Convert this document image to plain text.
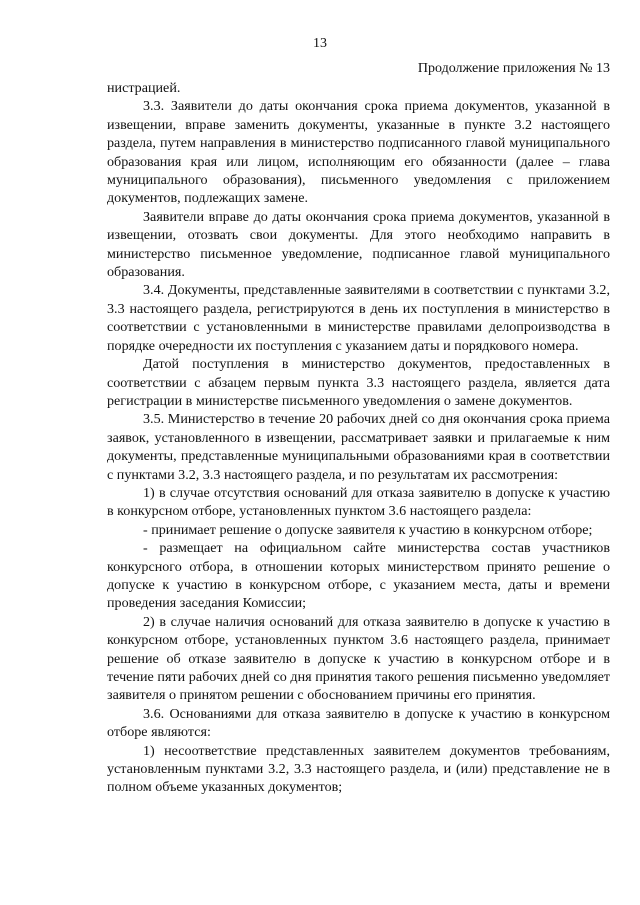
13
Продолжение приложения № 13

нистрацией.

3.3. Заявители до даты окончания срока приема документов, указанной в извещении, вправе заменить документы, указанные в пункте 3.2 настоящего раздела, путем направления в министерство подписанного главой муниципального образования края или лицом, исполняющим его обязанности (далее – глава муниципального образования), письменного уведомления с приложением документов, подлежащих замене.

Заявители вправе до даты окончания срока приема документов, указанной в извещении, отозвать свои документы. Для этого необходимо направить в министерство письменное уведомление, подписанное главой муниципального образования.

3.4. Документы, представленные заявителями в соответствии с пунктами 3.2, 3.3 настоящего раздела, регистрируются в день их поступления в министерство в соответствии с установленными в министерстве правилами делопроизводства в порядке очередности их поступления с указанием даты и порядкового номера.

Датой поступления в министерство документов, предоставленных в соответствии с абзацем первым пункта 3.3 настоящего раздела, является дата регистрации в министерстве письменного уведомления о замене документов.

3.5. Министерство в течение 20 рабочих дней со дня окончания срока приема заявок, установленного в извещении, рассматривает заявки и прилагаемые к ним документы, представленные муниципальными образованиями края в соответствии с пунктами 3.2, 3.3 настоящего раздела, и по результатам их рассмотрения:

1) в случае отсутствия оснований для отказа заявителю в допуске к участию в конкурсном отборе, установленных пунктом 3.6 настоящего раздела:

- принимает решение о допуске заявителя к участию в конкурсном отборе;

- размещает на официальном сайте министерства состав участников конкурсного отбора, в отношении которых министерством принято решение о допуске к участию в конкурсном отборе, с указанием места, даты и времени проведения заседания Комиссии;

2) в случае наличия оснований для отказа заявителю в допуске к участию в конкурсном отборе, установленных пунктом 3.6 настоящего раздела, принимает решение об отказе заявителю в допуске к участию в конкурсном отборе и в течение пяти рабочих дней со дня принятия такого решения письменно уведомляет заявителя о принятом решении с обоснованием причины его принятия.

3.6. Основаниями для отказа заявителю в допуске к участию в конкурсном отборе являются:

1) несоответствие представленных заявителем документов требованиям, установленным пунктами 3.2, 3.3 настоящего раздела, и (или) представление не в полном объеме указанных документов;
